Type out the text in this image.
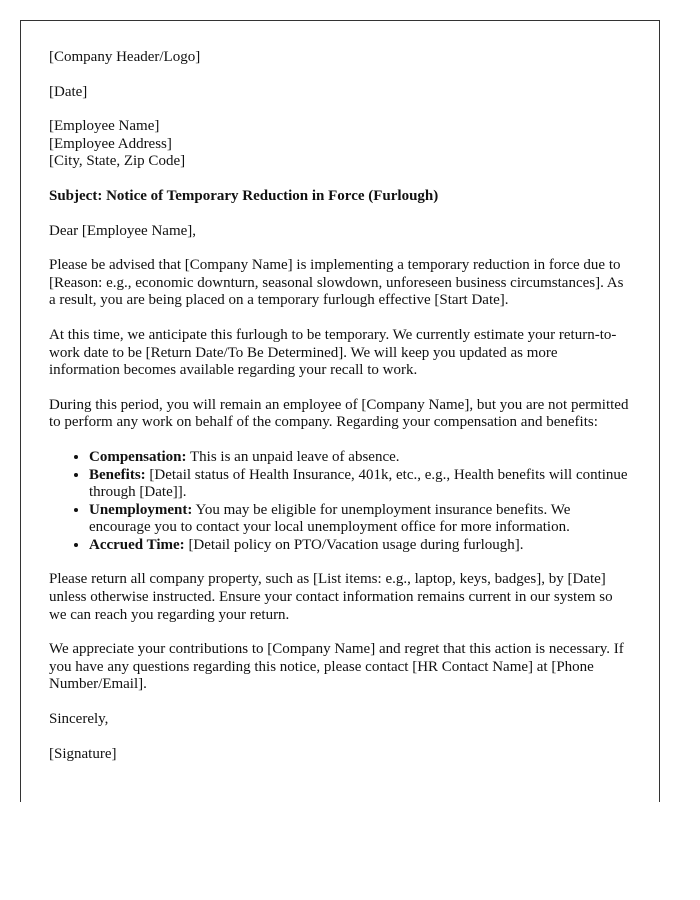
[Company Header/Logo]

[Date]

[Employee Name]

[Employee Address]

[City, State, Zip Code]

Subject: Notice of Temporary Reduction in Force (Furlough)

Dear [Employee Name],

Please be advised that [Company Name] is implementing a temporary reduction in force due to [Reason: e.g., economic downturn, seasonal slowdown, unforeseen business circumstances]. As a result, you are being placed on a temporary furlough effective [Start Date].

At this time, we anticipate this furlough to be temporary. We currently estimate your return-to-work date to be [Return Date/To Be Determined]. We will keep you updated as more information becomes available regarding your recall to work.

During this period, you will remain an employee of [Company Name], but you are not permitted to perform any work on behalf of the company. Regarding your compensation and benefits:

• Compensation: This is an unpaid leave of absence.
• Benefits: [Detail status of Health Insurance, 401k, etc., e.g., Health benefits will continue through [Date]].
• Unemployment: You may be eligible for unemployment insurance benefits. We encourage you to contact your local unemployment office for more information.
• Accrued Time: [Detail policy on PTO/Vacation usage during furlough].

Please return all company property, such as [List items: e.g., laptop, keys, badges], by [Date] unless otherwise instructed. Ensure your contact information remains current in our system so we can reach you regarding your return.

We appreciate your contributions to [Company Name] and regret that this action is necessary. If you have any questions regarding this notice, please contact [HR Contact Name] at [Phone Number/Email].

Sincerely,

[Signature]
